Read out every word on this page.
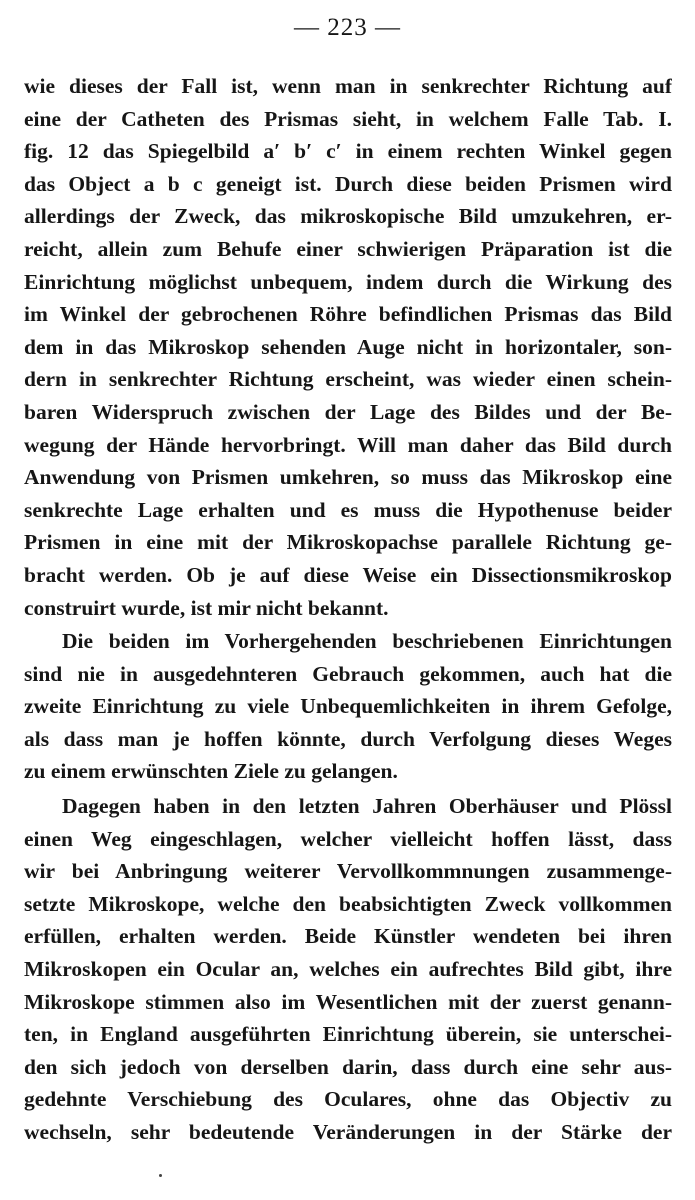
— 223 —
wie dieses der Fall ist, wenn man in senkrechter Richtung auf
eine der Catheten des Prismas sieht, in welchem Falle Tab. I.
fig. 12 das Spiegelbild a′ b′ c′ in einem rechten Winkel gegen
das Object a b c geneigt ist. Durch diese beiden Prismen wird
allerdings der Zweck, das mikroskopische Bild umzukehren, er-
reicht, allein zum Behufe einer schwierigen Präparation ist die
Einrichtung möglichst unbequem, indem durch die Wirkung des
im Winkel der gebrochenen Röhre befindlichen Prismas das Bild
dem in das Mikroskop sehenden Auge nicht in horizontaler, son-
dern in senkrechter Richtung erscheint, was wieder einen schein-
baren Widerspruch zwischen der Lage des Bildes und der Be-
wegung der Hände hervorbringt. Will man daher das Bild durch
Anwendung von Prismen umkehren, so muss das Mikroskop eine
senkrechte Lage erhalten und es muss die Hypothenuse beider
Prismen in eine mit der Mikroskopachse parallele Richtung ge-
bracht werden. Ob je auf diese Weise ein Dissectionsmikroskop
construirt wurde, ist mir nicht bekannt.
Die beiden im Vorhergehenden beschriebenen Einrichtungen
sind nie in ausgedehnteren Gebrauch gekommen, auch hat die
zweite Einrichtung zu viele Unbequemlichkeiten in ihrem Gefolge,
als dass man je hoffen könnte, durch Verfolgung dieses Weges
zu einem erwünschten Ziele zu gelangen.
Dagegen haben in den letzten Jahren Oberhäuser und Plössl
einen Weg eingeschlagen, welcher vielleicht hoffen lässt, dass
wir bei Anbringung weiterer Vervollkommnungen zusammenge-
setzte Mikroskope, welche den beabsichtigten Zweck vollkommen
erfüllen, erhalten werden. Beide Künstler wendeten bei ihren
Mikroskopen ein Ocular an, welches ein aufrechtes Bild gibt, ihre
Mikroskope stimmen also im Wesentlichen mit der zuerst genann-
ten, in England ausgeführten Einrichtung überein, sie unterschei-
den sich jedoch von derselben darin, dass durch eine sehr aus-
gedehnte Verschiebung des Oculares, ohne das Objectiv zu
wechseln, sehr bedeutende Veränderungen in der Stärke der
